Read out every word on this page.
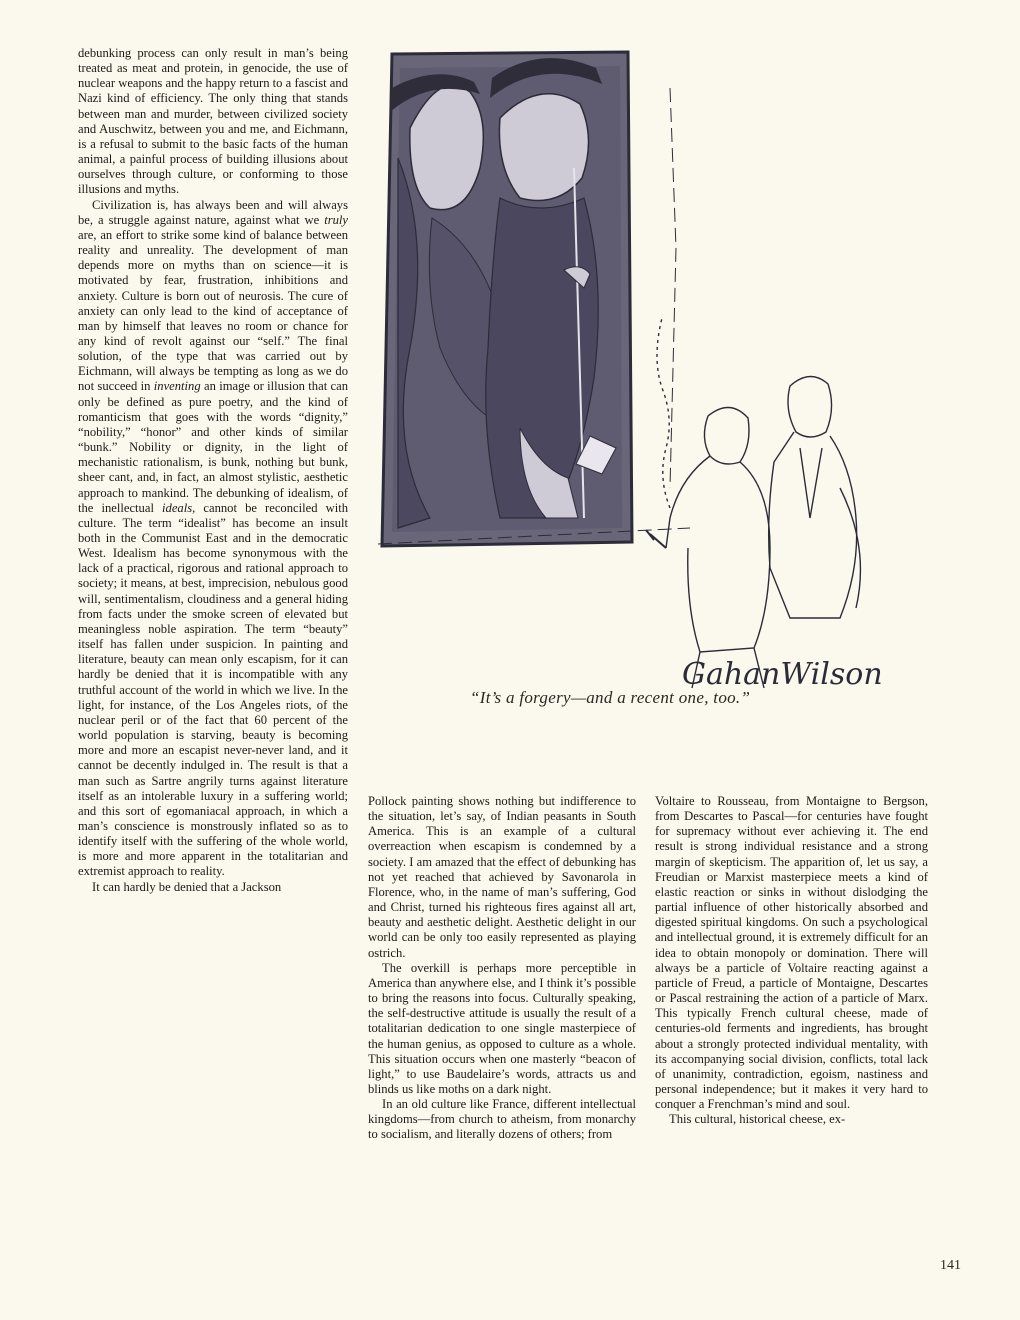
debunking process can only result in man’s being treated as meat and protein, in genocide, the use of nuclear weapons and the happy return to a fascist and Nazi kind of efficiency. The only thing that stands between man and murder, between civilized society and Auschwitz, between you and me, and Eichmann, is a refusal to submit to the basic facts of the human animal, a painful process of building illusions about ourselves through culture, or conforming to those illusions and myths.

Civilization is, has always been and will always be, a struggle against nature, against what we truly are, an effort to strike some kind of balance between reality and unreality. The development of man depends more on myths than on science—it is motivated by fear, frustration, inhibitions and anxiety. Culture is born out of neurosis. The cure of anxiety can only lead to the kind of acceptance of man by himself that leaves no room or chance for any kind of revolt against our “self.” The final solution, of the type that was carried out by Eichmann, will always be tempting as long as we do not succeed in inventing an image or illusion that can only be defined as pure poetry, and the kind of romanticism that goes with the words “dignity,” “nobility,” “honor” and other kinds of similar “bunk.” Nobility or dignity, in the light of mechanistic rationalism, is bunk, nothing but bunk, sheer cant, and, in fact, an almost stylistic, aesthetic approach to mankind. The debunking of idealism, of the inellectual ideals, cannot be reconciled with culture. The term “idealist” has become an insult both in the Communist East and in the democratic West. Idealism has become synonymous with the lack of a practical, rigorous and rational approach to society; it means, at best, imprecision, nebulous good will, sentimentalism, cloudiness and a general hiding from facts under the smoke screen of elevated but meaningless noble aspiration. The term “beauty” itself has fallen under suspicion. In painting and literature, beauty can mean only escapism, for it can hardly be denied that it is incompatible with any truthful account of the world in which we live. In the light, for instance, of the Los Angeles riots, of the nuclear peril or of the fact that 60 percent of the world population is starving, beauty is becoming more and more an escapist never-never land, and it cannot be decently indulged in. The result is that a man such as Sartre angrily turns against literature itself as an intolerable luxury in a suffering world; and this sort of egomaniacal approach, in which a man’s conscience is monstrously inflated so as to identify itself with the suffering of the whole world, is more and more apparent in the totalitarian and extremist approach to reality.

It can hardly be denied that a Jackson

GahanWilson
“It’s a forgery—and a recent one, too.”

Pollock painting shows nothing but indifference to the situation, let’s say, of Indian peasants in South America. This is an example of a cultural overreaction when escapism is condemned by a society. I am amazed that the effect of debunking has not yet reached that achieved by Savonarola in Florence, who, in the name of man’s suffering, God and Christ, turned his righteous fires against all art, beauty and aesthetic delight. Aesthetic delight in our world can be only too easily represented as playing ostrich.

The overkill is perhaps more perceptible in America than anywhere else, and I think it’s possible to bring the reasons into focus. Culturally speaking, the self-destructive attitude is usually the result of a totalitarian dedication to one single masterpiece of the human genius, as opposed to culture as a whole. This situation occurs when one masterly “beacon of light,” to use Baudelaire’s words, attracts us and blinds us like moths on a dark night.

In an old culture like France, different intellectual kingdoms—from church to atheism, from monarchy to socialism, and literally dozens of others; from

Voltaire to Rousseau, from Montaigne to Bergson, from Descartes to Pascal—for centuries have fought for supremacy without ever achieving it. The end result is strong individual resistance and a strong margin of skepticism. The apparition of, let us say, a Freudian or Marxist masterpiece meets a kind of elastic reaction or sinks in without dislodging the partial influence of other historically absorbed and digested spiritual kingdoms. On such a psychological and intellectual ground, it is extremely difficult for an idea to obtain monopoly or domination. There will always be a particle of Voltaire reacting against a particle of Freud, a particle of Montaigne, Descartes or Pascal restraining the action of a particle of Marx. This typically French cultural cheese, made of centuries-old ferments and ingredients, has brought about a strongly protected individual mentality, with its accompanying social division, conflicts, total lack of unanimity, contradiction, egoism, nastiness and personal independence; but it makes it very hard to conquer a Frenchman’s mind and soul.

This cultural, historical cheese, ex-

141
